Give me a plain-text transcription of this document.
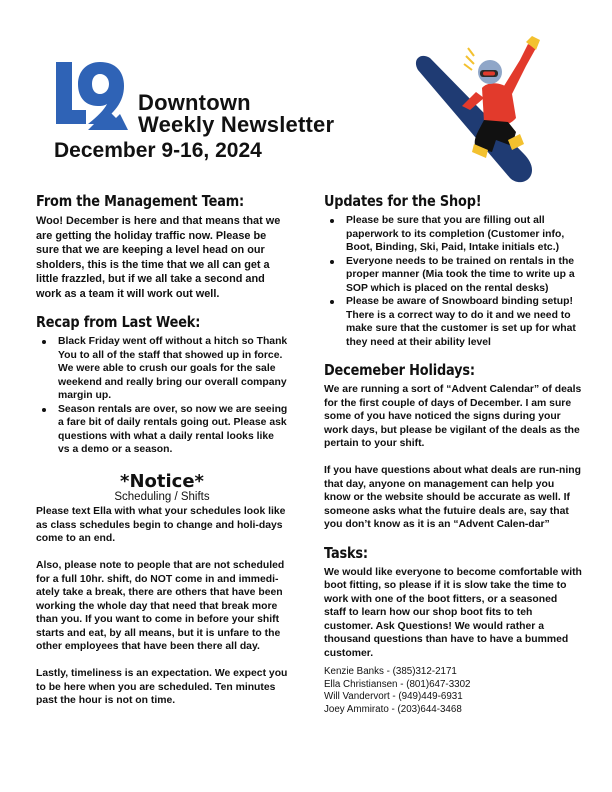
Downtown
Weekly Newsletter
December 9-16, 2024
From the Management Team:

Woo! December is here and that means that we are getting the holiday traffic now. Please be sure that we are keeping a level head on our sholders, this is the time that we all can get a little frazzled, but if we all take a second and work as a team it will work out well.

Recap from Last Week:
Black Friday went off without a hitch so Thank You to all of the staff that showed up in force. We were able to crush our goals for the sale weekend and really bring our overall company margin up.
Season rentals are over, so now we are seeing a fare bit of daily rentals going out. Please ask questions with what a daily rental looks like vs a demo or a season.
*Notice*
Scheduling / Shifts

Please text Ella with what your schedules look like as class schedules begin to change and holi-days come to an end.

Also, please note to people that are not scheduled for a full 10hr. shift, do NOT come in and immedi-ately take a break, there are others that have been working the whole day that need that break more than you. If you want to come in before your shift starts and eat, by all means, but it is unfare to the other employees that have been there all day.

Lastly, timeliness is an expectation. We expect you to be here when you are scheduled. Ten minutes past the hour is not on time.

Updates for the Shop!
Please be sure that you are filling out all paperwork to its completion (Customer info, Boot, Binding, Ski, Paid, Intake initials etc.)
Everyone needs to be trained on rentals in the proper manner (Mia took the time to write up a SOP which is placed on the rental desks)
Please be aware of Snowboard binding setup! There is a correct way to do it and we need to make sure that the customer is set up for what they need at their ability level
Decemeber Holidays:

We are running a sort of “Advent Calendar” of deals for the first couple of days of December. I am sure some of you have noticed the signs during your work days, but please be vigilant of the deals as the pertain to your shift.

If you have questions about what deals are run-ning that day, anyone on management can help you know or the website should be accurate as well. If someone asks what the futuire deals are, say that you don’t know as it is an “Advent Calen-dar”

Tasks:

We would like everyone to become comfortable with boot fitting, so please if it is slow take the time to work with one of the boot fitters, or a seasoned staff to learn how our shop boot fits to teh customer. Ask Questions! We would rather a thousand questions than have to have a bummed customer.

Kenzie Banks - (385)312-2171

Ella Christiansen - (801)647-3302

Will Vandervort - (949)449-6931

Joey Ammirato - (203)644-3468
